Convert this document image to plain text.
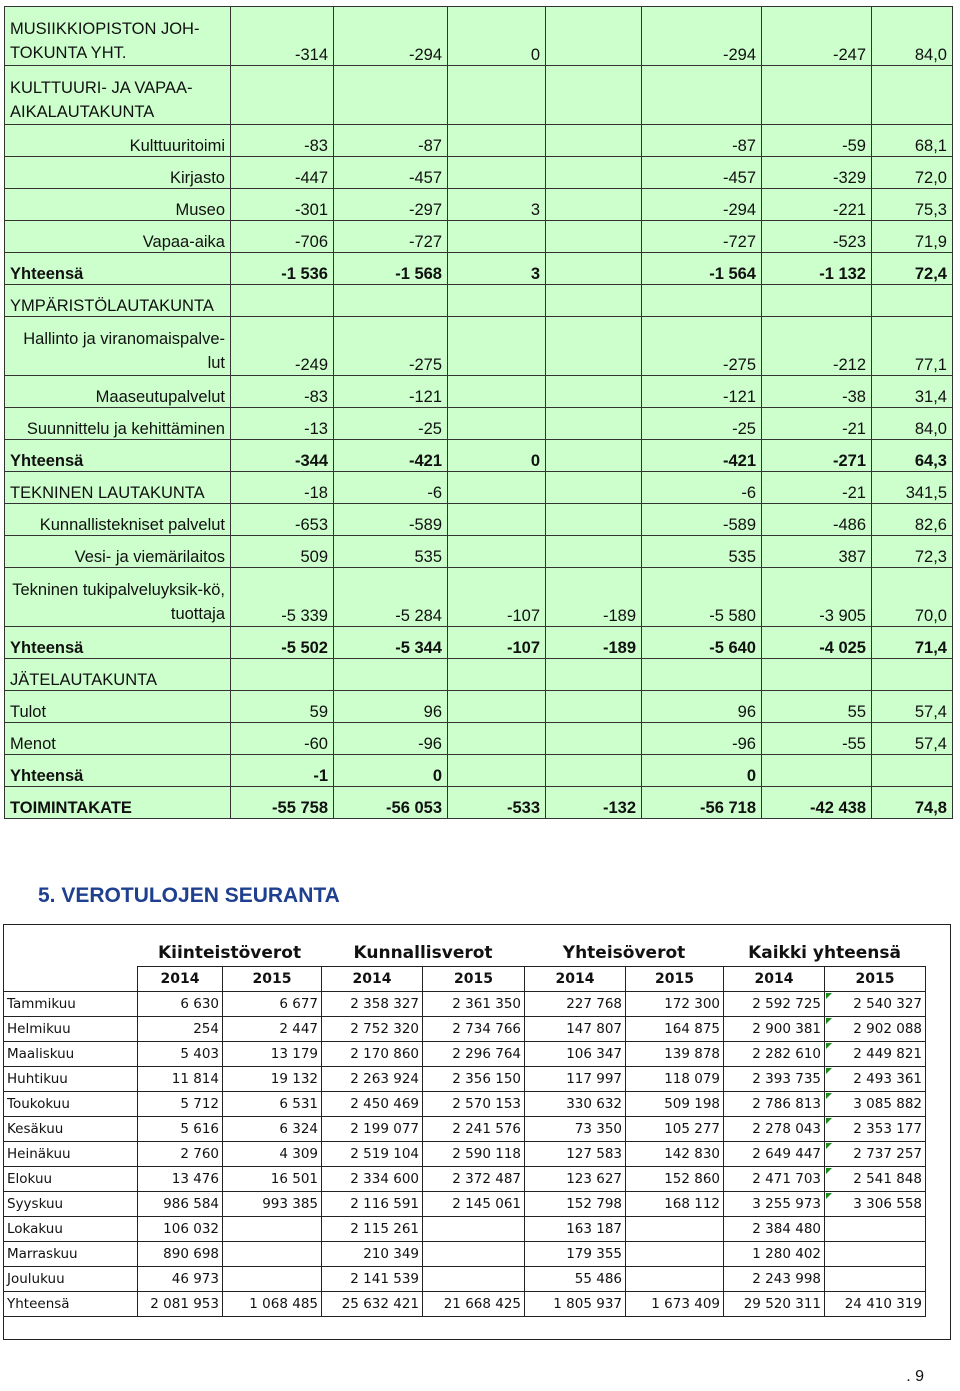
MUSIIKKIOPISTON JOH-TOKUNTA YHT.	-314	-294	0		-294	-247	84,0
KULTTUURI- JA VAPAA-AIKALAUTAKUNTA							
Kulttuuritoimi	-83	-87			-87	-59	68,1
Kirjasto	-447	-457			-457	-329	72,0
Museo	-301	-297	3		-294	-221	75,3
Vapaa-aika	-706	-727			-727	-523	71,9
Yhteensä	-1 536	-1 568	3		-1 564	-1 132	72,4
YMPÄRISTÖLAUTAKUNTA							
Hallinto ja viranomaispalve-lut	-249	-275			-275	-212	77,1
Maaseutupalvelut	-83	-121			-121	-38	31,4
Suunnittelu ja kehittäminen	-13	-25			-25	-21	84,0
Yhteensä	-344	-421	0		-421	-271	64,3
TEKNINEN LAUTAKUNTA	-18	-6			-6	-21	341,5
Kunnallistekniset palvelut	-653	-589			-589	-486	82,6
Vesi- ja viemärilaitos	509	535			535	387	72,3
Tekninen tukipalveluyksik-kö, tuottaja	-5 339	-5 284	-107	-189	-5 580	-3 905	70,0
Yhteensä	-5 502	-5 344	-107	-189	-5 640	-4 025	71,4
JÄTELAUTAKUNTA							
Tulot	59	96			96	55	57,4
Menot	-60	-96			-96	-55	57,4
Yhteensä	-1	0			0		
TOIMINTAKATE	-55 758	-56 053	-533	-132	-56 718	-42 438	74,8
5. VEROTULOJEN SEURANTA
	Kiinteistöverot		Kunnallisverot		Yhteisöverot		Kaikki yhteensä	
	2014	2015	2014	2015	2014	2015	2014	2015
Tammikuu	6 630	6 677	2 358 327	2 361 350	227 768	172 300	2 592 725	2 540 327
Helmikuu	254	2 447	2 752 320	2 734 766	147 807	164 875	2 900 381	2 902 088
Maaliskuu	5 403	13 179	2 170 860	2 296 764	106 347	139 878	2 282 610	2 449 821
Huhtikuu	11 814	19 132	2 263 924	2 356 150	117 997	118 079	2 393 735	2 493 361
Toukokuu	5 712	6 531	2 450 469	2 570 153	330 632	509 198	2 786 813	3 085 882
Kesäkuu	5 616	6 324	2 199 077	2 241 576	73 350	105 277	2 278 043	2 353 177
Heinäkuu	2 760	4 309	2 519 104	2 590 118	127 583	142 830	2 649 447	2 737 257
Elokuu	13 476	16 501	2 334 600	2 372 487	123 627	152 860	2 471 703	2 541 848
Syyskuu	986 584	993 385	2 116 591	2 145 061	152 798	168 112	3 255 973	3 306 558
Lokakuu	106 032		2 115 261		163 187		2 384 480	
Marraskuu	890 698		210 349		179 355		1 280 402	
Joulukuu	46 973		2 141 539		55 486		2 243 998	
Yhteensä	2 081 953	1 068 485	25 632 421	21 668 425	1 805 937	1 673 409	29 520 311	24 410 319

. 9
